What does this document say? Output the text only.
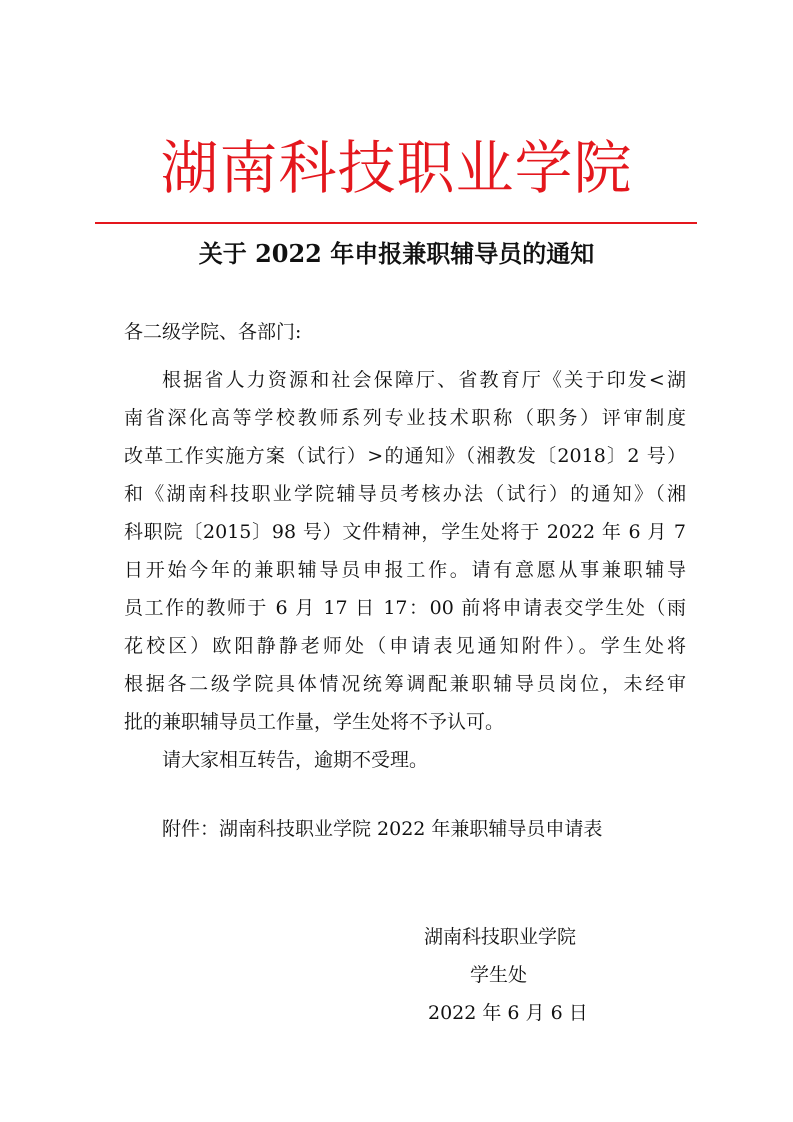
湖南科技职业学院
关于 2022 年申报兼职辅导员的通知
各二级学院、各部门:
根据省人力资源和社会保障厅、省教育厅《关于印发<湖
南省深化高等学校教师系列专业技术职称（职务）评审制度
改革工作实施方案（试行）>的通知》（湘教发〔2018〕2 号）
和《湖南科技职业学院辅导员考核办法（试行）的通知》（湘
科职院〔2015〕98 号）文件精神，学生处将于 2022 年 6 月 7
日开始今年的兼职辅导员申报工作。请有意愿从事兼职辅导
员工作的教师于 6 月 17 日 17：00 前将申请表交学生处（雨
花校区）欧阳静静老师处（申请表见通知附件）。学生处将
根据各二级学院具体情况统筹调配兼职辅导员岗位，未经审
批的兼职辅导员工作量，学生处将不予认可。
请大家相互转告，逾期不受理。
附件：湖南科技职业学院 2022 年兼职辅导员申请表
湖南科技职业学院
学生处
2022 年 6 月 6 日
